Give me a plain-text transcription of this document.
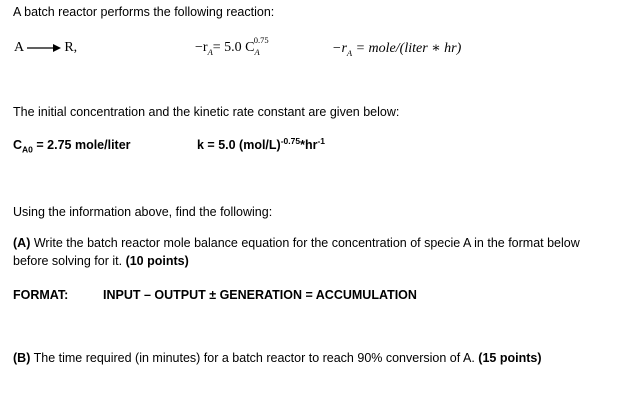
A batch reactor performs the following reaction:
A → R,	$-r_A= 5.0$ $C_A^{0.75}$
$-r_A$ = mole/(liter ∗ hr)
The initial concentration and the kinetic rate constant are given below:
$C_{A0} = 2.75$ mole/liter	k = 5.0 $(mol/L)^{-0.75}*hr^{-1}$
Using the information above, find the following:
(A) Write the batch reactor mole balance equation for the concentration of specie A in the format below before solving for it. (10 points)
FORMAT:	INPUT – OUTPUT ± GENERATION = ACCUMULATION
(B) The time required (in minutes) for a batch reactor to reach 90% conversion of A. (15 points)
